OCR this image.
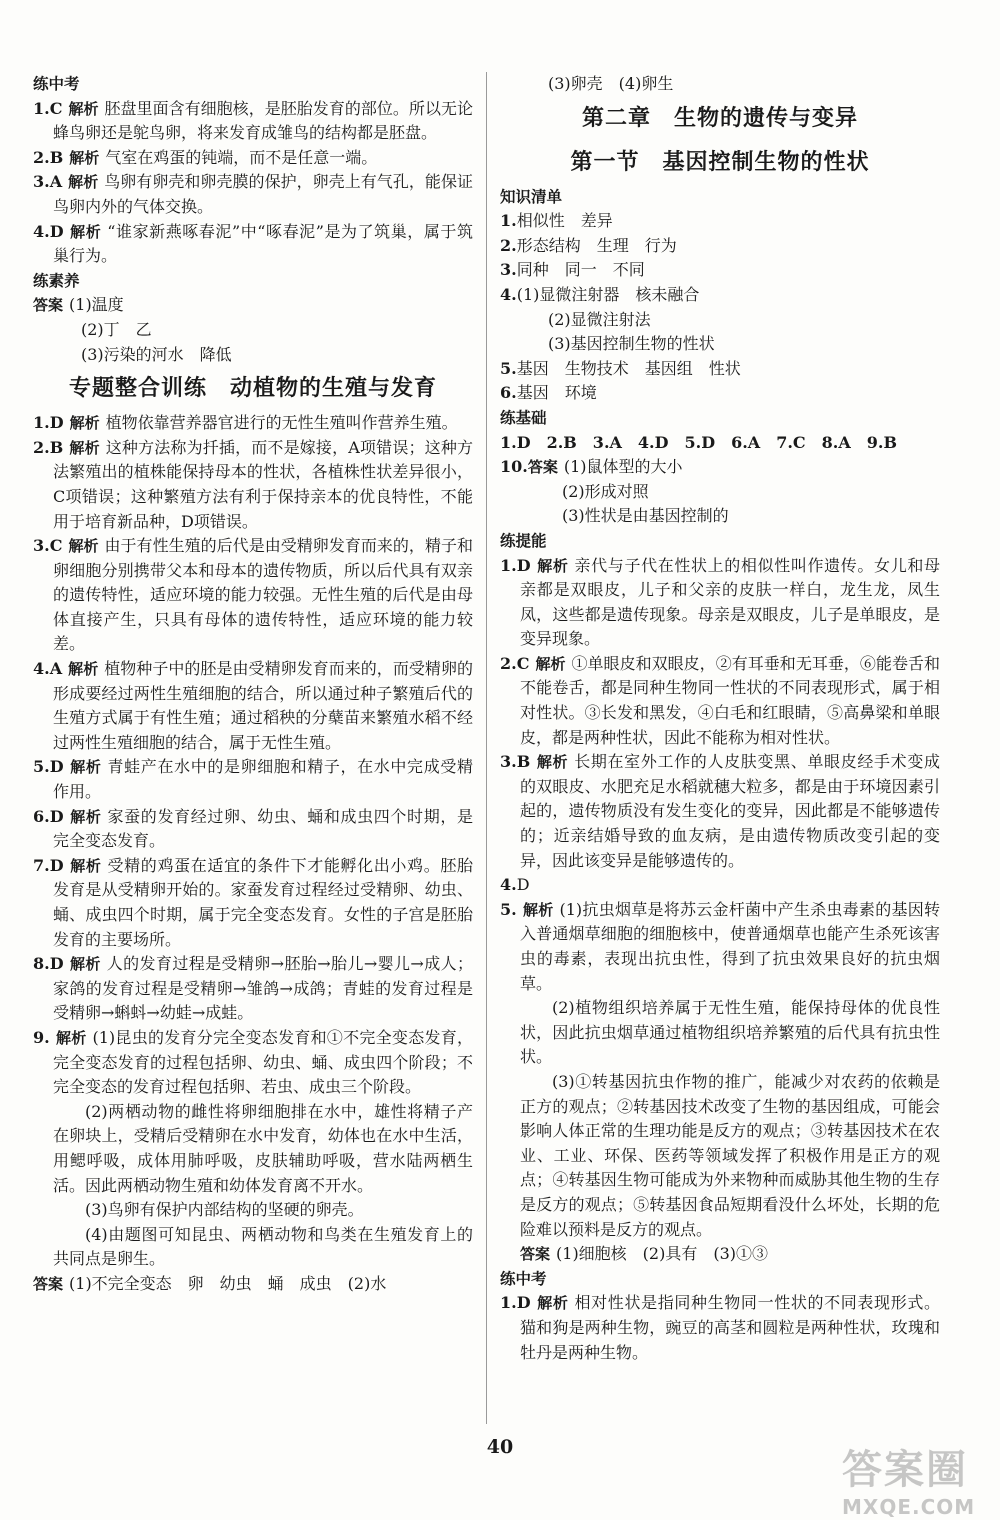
练中考
1.C 解析 胚盘里面含有细胞核，是胚胎发育的部位。所以无论蜂鸟卵还是鸵鸟卵，将来发育成雏鸟的结构都是胚盘。
2.B 解析 气室在鸡蛋的钝端，而不是任意一端。
3.A 解析 鸟卵有卵壳和卵壳膜的保护，卵壳上有气孔，能保证鸟卵内外的气体交换。
4.D 解析 “谁家新燕啄春泥”中“啄春泥”是为了筑巢，属于筑巢行为。
练素养
答案 (1)温度
(2)丁　乙
(3)污染的河水　降低
专题整合训练　动植物的生殖与发育
1.D 解析 植物依靠营养器官进行的无性生殖叫作营养生殖。
2.B 解析 这种方法称为扦插，而不是嫁接，A项错误；这种方法繁殖出的植株能保持母本的性状，各植株性状差异很小，C项错误；这种繁殖方法有利于保持亲本的优良特性，不能用于培育新品种，D项错误。
3.C 解析 由于有性生殖的后代是由受精卵发育而来的，精子和卵细胞分别携带父本和母本的遗传物质，所以后代具有双亲的遗传特性，适应环境的能力较强。无性生殖的后代是由母体直接产生，只具有母体的遗传特性，适应环境的能力较差。
4.A 解析 植物种子中的胚是由受精卵发育而来的，而受精卵的形成要经过两性生殖细胞的结合，所以通过种子繁殖后代的生殖方式属于有性生殖；通过稻秧的分蘖苗来繁殖水稻不经过两性生殖细胞的结合，属于无性生殖。
5.D 解析 青蛙产在水中的是卵细胞和精子，在水中完成受精作用。
6.D 解析 家蚕的发育经过卵、幼虫、蛹和成虫四个时期，是完全变态发育。
7.D 解析 受精的鸡蛋在适宜的条件下才能孵化出小鸡。胚胎发育是从受精卵开始的。家蚕发育过程经过受精卵、幼虫、蛹、成虫四个时期，属于完全变态发育。女性的子宫是胚胎发育的主要场所。
8.D 解析 人的发育过程是受精卵→胚胎→胎儿→婴儿→成人；家鸽的发育过程是受精卵→雏鸽→成鸽；青蛙的发育过程是受精卵→蝌蚪→幼蛙→成蛙。
9. 解析 (1)昆虫的发育分完全变态发育和①不完全变态发育，完全变态发育的过程包括卵、幼虫、蛹、成虫四个阶段；不完全变态的发育过程包括卵、若虫、成虫三个阶段。
(2)两栖动物的雌性将卵细胞排在水中，雄性将精子产在卵块上，受精后受精卵在水中发育，幼体也在水中生活，用鳃呼吸，成体用肺呼吸，皮肤辅助呼吸，营水陆两栖生活。因此两栖动物生殖和幼体发育离不开水。
(3)鸟卵有保护内部结构的坚硬的卵壳。
(4)由题图可知昆虫、两栖动物和鸟类在生殖发育上的共同点是卵生。
答案 (1)不完全变态　卵　幼虫　蛹　成虫　(2)水
(3)卵壳　(4)卵生
第二章　生物的遗传与变异
第一节　基因控制生物的性状
知识清单
1.相似性　差异
2.形态结构　生理　行为
3.同种　同一　不同
4.(1)显微注射器　核未融合
(2)显微注射法
(3)基因控制生物的性状
5.基因　生物技术　基因组　性状
6.基因　环境
练基础
1.D　2.B　3.A　4.D　5.D　6.A　7.C　8.A　9.B
10.答案 (1)鼠体型的大小
(2)形成对照
(3)性状是由基因控制的
练提能
1.D 解析 亲代与子代在性状上的相似性叫作遗传。女儿和母亲都是双眼皮，儿子和父亲的皮肤一样白，龙生龙，凤生凤，这些都是遗传现象。母亲是双眼皮，儿子是单眼皮，是变异现象。
2.C 解析 ①单眼皮和双眼皮，②有耳垂和无耳垂，⑥能卷舌和不能卷舌，都是同种生物同一性状的不同表现形式，属于相对性状。③长发和黑发，④白毛和红眼睛，⑤高鼻梁和单眼皮，都是两种性状，因此不能称为相对性状。
3.B 解析 长期在室外工作的人皮肤变黑、单眼皮经手术变成的双眼皮、水肥充足水稻就穗大粒多，都是由于环境因素引起的，遗传物质没有发生变化的变异，因此都是不能够遗传的；近亲结婚导致的血友病，是由遗传物质改变引起的变异，因此该变异是能够遗传的。
4.D
5. 解析 (1)抗虫烟草是将苏云金杆菌中产生杀虫毒素的基因转入普通烟草细胞的细胞核中，使普通烟草也能产生杀死该害虫的毒素，表现出抗虫性，得到了抗虫效果良好的抗虫烟草。
(2)植物组织培养属于无性生殖，能保持母体的优良性状，因此抗虫烟草通过植物组织培养繁殖的后代具有抗虫性状。
(3)①转基因抗虫作物的推广，能减少对农药的依赖是正方的观点；②转基因技术改变了生物的基因组成，可能会影响人体正常的生理功能是反方的观点；③转基因技术在农业、工业、环保、医药等领域发挥了积极作用是正方的观点；④转基因生物可能成为外来物种而威胁其他生物的生存是反方的观点；⑤转基因食品短期看没什么坏处，长期的危险难以预料是反方的观点。
答案 (1)细胞核　(2)具有　(3)①③
练中考
1.D 解析 相对性状是指同种生物同一性状的不同表现形式。猫和狗是两种生物，豌豆的高茎和圆粒是两种性状，玫瑰和牡丹是两种生物。
40	答案圈
MXQE.COM
